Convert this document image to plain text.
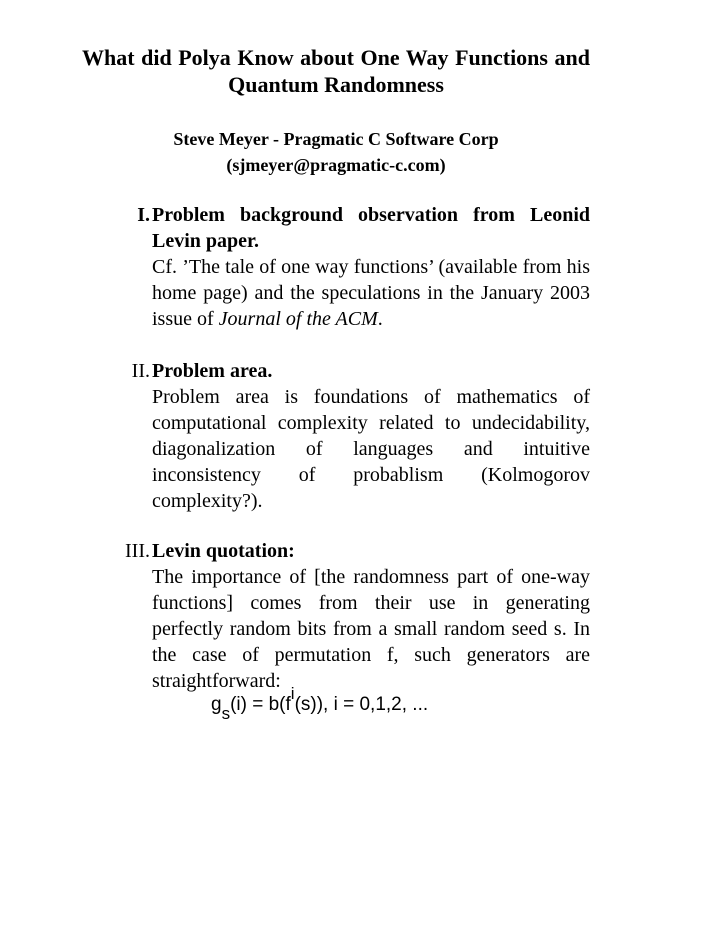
What did Polya Know about One Way Functions and Quantum Randomness
Steve Meyer - Pragmatic C Software Corp
(sjmeyer@pragmatic-c.com)
I. Problem background observation from Leonid Levin paper.

Cf. ’The tale of one way functions’ (available from his home page) and the speculations in the January 2003 issue of Journal of the ACM.

II. Problem area.

Problem area is foundations of mathematics of computational complexity related to undecidability, diagonalization of languages and intuitive inconsistency of probablism (Kolmogorov complexity?).

III. Levin quotation:

The importance of [the randomness part of one-way functions] comes from their use in generating perfectly random bits from a small random seed s. In the case of permutation f, such generators are straightforward:

gs(i) = b(fi(s)), i = 0,1,2, ...
